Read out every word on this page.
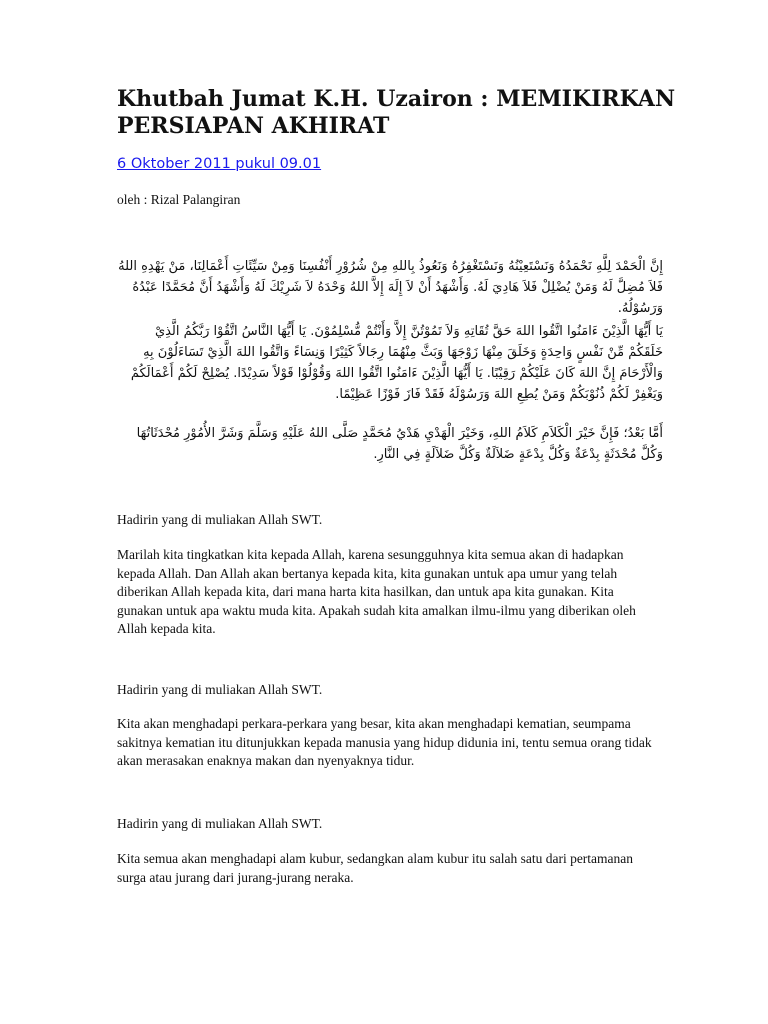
Khutbah Jumat K.H. Uzairon : MEMIKIRKAN PERSIAPAN AKHIRAT
6 Oktober 2011 pukul 09.01
oleh : Rizal Palangiran

إِنَّ الْحَمْدَ لِلَّهِ نَحْمَدُهُ وَنَسْتَعِيْنُهُ وَنَسْتَغْفِرُهُ وَنَعُوذُ بِاللهِ مِنْ شُرُوْرِ أَنْفُسِنَا وَمِنْ سَيِّئَاتِ أَعْمَالِنَا، مَنْ يَهْدِهِ اللهُ فَلاَ مُضِلَّ لَهُ وَمَنْ يُضْلِلْ فَلاَ هَادِيَ لَهُ. وَأَشْهَدُ أَنْ لاَ إِلَهَ إِلاَّ اللهُ وَحْدَهُ لاَ شَرِيْكَ لَهُ وَأَشْهَدُ أَنَّ مُحَمَّدًا عَبْدُهُ وَرَسُوْلُهُ.

يَا أَيُّهَا الَّذِيْنَ ءَامَنُوا اتَّقُوا اللهَ حَقَّ تُقَاتِهِ وَلاَ تَمُوْتُنَّ إِلاَّ وَأَنْتُمْ مُّسْلِمُوْنَ. يَا أَيُّهَا النَّاسُ اتَّقُوْا رَبَّكُمُ الَّذِيْ خَلَقَكُمْ مِّنْ نَفْسٍ وَاحِدَةٍ وَخَلَقَ مِنْهَا زَوْجَهَا وَبَثَّ مِنْهُمَا رِجَالاً كَثِيْرًا وَنِسَاءً وَاتَّقُوا اللهَ الَّذِيْ تَسَاءَلُوْنَ بِهِ وَالْأَرْحَامَ إِنَّ اللهَ كَانَ عَلَيْكُمْ رَقِيْبًا. يَا أَيُّهَا الَّذِيْنَ ءَامَنُوا اتَّقُوا اللهَ وَقُوْلُوْا قَوْلاً سَدِيْدًا. يُصْلِحْ لَكُمْ أَعْمَالَكُمْ وَيَغْفِرْ لَكُمْ ذُنُوْبَكُمْ وَمَنْ يُطِعِ اللهَ وَرَسُوْلَهُ فَقَدْ فَازَ فَوْزًا عَظِيْمًا.

أَمَّا بَعْدُ؛ فَإِنَّ خَيْرَ الْكَلاَمِ كَلاَمُ اللهِ، وَخَيْرَ الْهَدْيِ هَدْيُ مُحَمَّدٍ صَلَّى اللهُ عَلَيْهِ وَسَلَّمَ وَشَرَّ الأُمُوْرِ مُحْدَثَاتُهَا وَكُلَّ مُحْدَثَةٍ بِدْعَةٌ وَكُلَّ بِدْعَةٍ ضَلاَلَةٌ وَكُلَّ ضَلاَلَةٍ فِي النَّارِ.

Hadirin yang di muliakan Allah SWT.

Marilah kita tingkatkan kita kepada Allah, karena sesungguhnya kita semua akan di hadapkan kepada Allah. Dan Allah akan bertanya kepada kita, kita gunakan untuk apa umur yang telah diberikan Allah kepada kita, dari mana harta kita hasilkan, dan untuk apa kita gunakan. Kita gunakan untuk apa waktu muda kita. Apakah sudah kita amalkan ilmu-ilmu yang diberikan oleh Allah kepada kita.

Hadirin yang di muliakan Allah SWT.

Kita akan menghadapi perkara-perkara yang besar, kita akan menghadapi kematian, seumpama sakitnya kematian itu ditunjukkan kepada manusia yang hidup didunia ini, tentu semua orang tidak akan merasakan enaknya makan dan nyenyaknya tidur.

Hadirin yang di muliakan Allah SWT.

Kita semua akan menghadapi alam kubur, sedangkan alam kubur itu salah satu dari pertamanan surga atau jurang dari jurang-jurang neraka.
